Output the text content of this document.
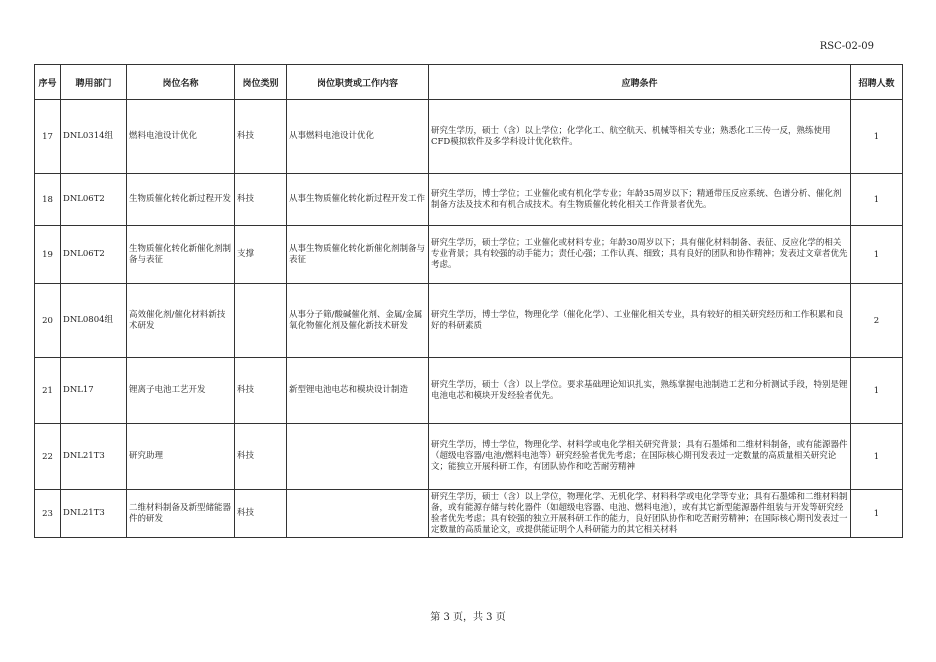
RSC-02-09
序号	聘用部门	岗位名称	岗位类别	岗位职责或工作内容	应聘条件	招聘人数
17	DNL0314组	燃料电池设计优化	科技	从事燃料电池设计优化	研究生学历，硕士（含）以上学位；化学化工、航空航天、机械等相关专业；熟悉化工三传一反，熟练使用CFD模拟软件及多学科设计优化软件。	1
18	DNL06T2	生物质催化转化新过程开发	科技	从事生物质催化转化新过程开发工作	研究生学历，博士学位；工业催化或有机化学专业；年龄35周岁以下；精通带压反应系统、色谱分析、催化剂制备方法及技术和有机合成技术。有生物质催化转化相关工作背景者优先。	1
19	DNL06T2	生物质催化转化新催化剂制备与表征	支撑	从事生物质催化转化新催化剂制备与表征	研究生学历，硕士学位；工业催化或材料专业；年龄30周岁以下；具有催化材料制备、表征、反应化学的相关专业背景；具有较强的动手能力；责任心强；工作认真、细致；具有良好的团队和协作精神；发表过文章者优先考虑。	1
20	DNL0804组	高效催化剂/催化材料新技术研发		从事分子筛/酸碱催化剂、金属/金属氧化物催化剂及催化新技术研发	研究生学历，博士学位，物理化学（催化化学）、工业催化相关专业，具有较好的相关研究经历和工作积累和良好的科研素质	2
21	DNL17	锂离子电池工艺开发	科技	新型锂电池电芯和模块设计制造	研究生学历，硕士（含）以上学位。要求基础理论知识扎实，熟练掌握电池制造工艺和分析测试手段，特别是锂电池电芯和模块开发经验者优先。	1
22	DNL21T3	研究助理	科技		研究生学历，博士学位，物理化学、材料学或电化学相关研究背景；具有石墨烯和二维材料制备，或有能源器件（超级电容器/电池/燃料电池等）研究经验者优先考虑；在国际核心期刊发表过一定数量的高质量相关研究论文；能独立开展科研工作，有团队协作和吃苦耐劳精神	1
23	DNL21T3	二维材料制备及新型储能器件的研发	科技		研究生学历，硕士（含）以上学位，物理化学、无机化学、材料科学或电化学等专业；具有石墨烯和二维材料制备，或有能源存储与转化器件（如超级电容器、电池、燃料电池），或有其它新型能源器件组装与开发等研究经验者优先考虑；具有较强的独立开展科研工作的能力，良好团队协作和吃苦耐劳精神；在国际核心期刊发表过一定数量的高质量论文，或提供能证明个人科研能力的其它相关材料	1
第 3 页，共 3 页
